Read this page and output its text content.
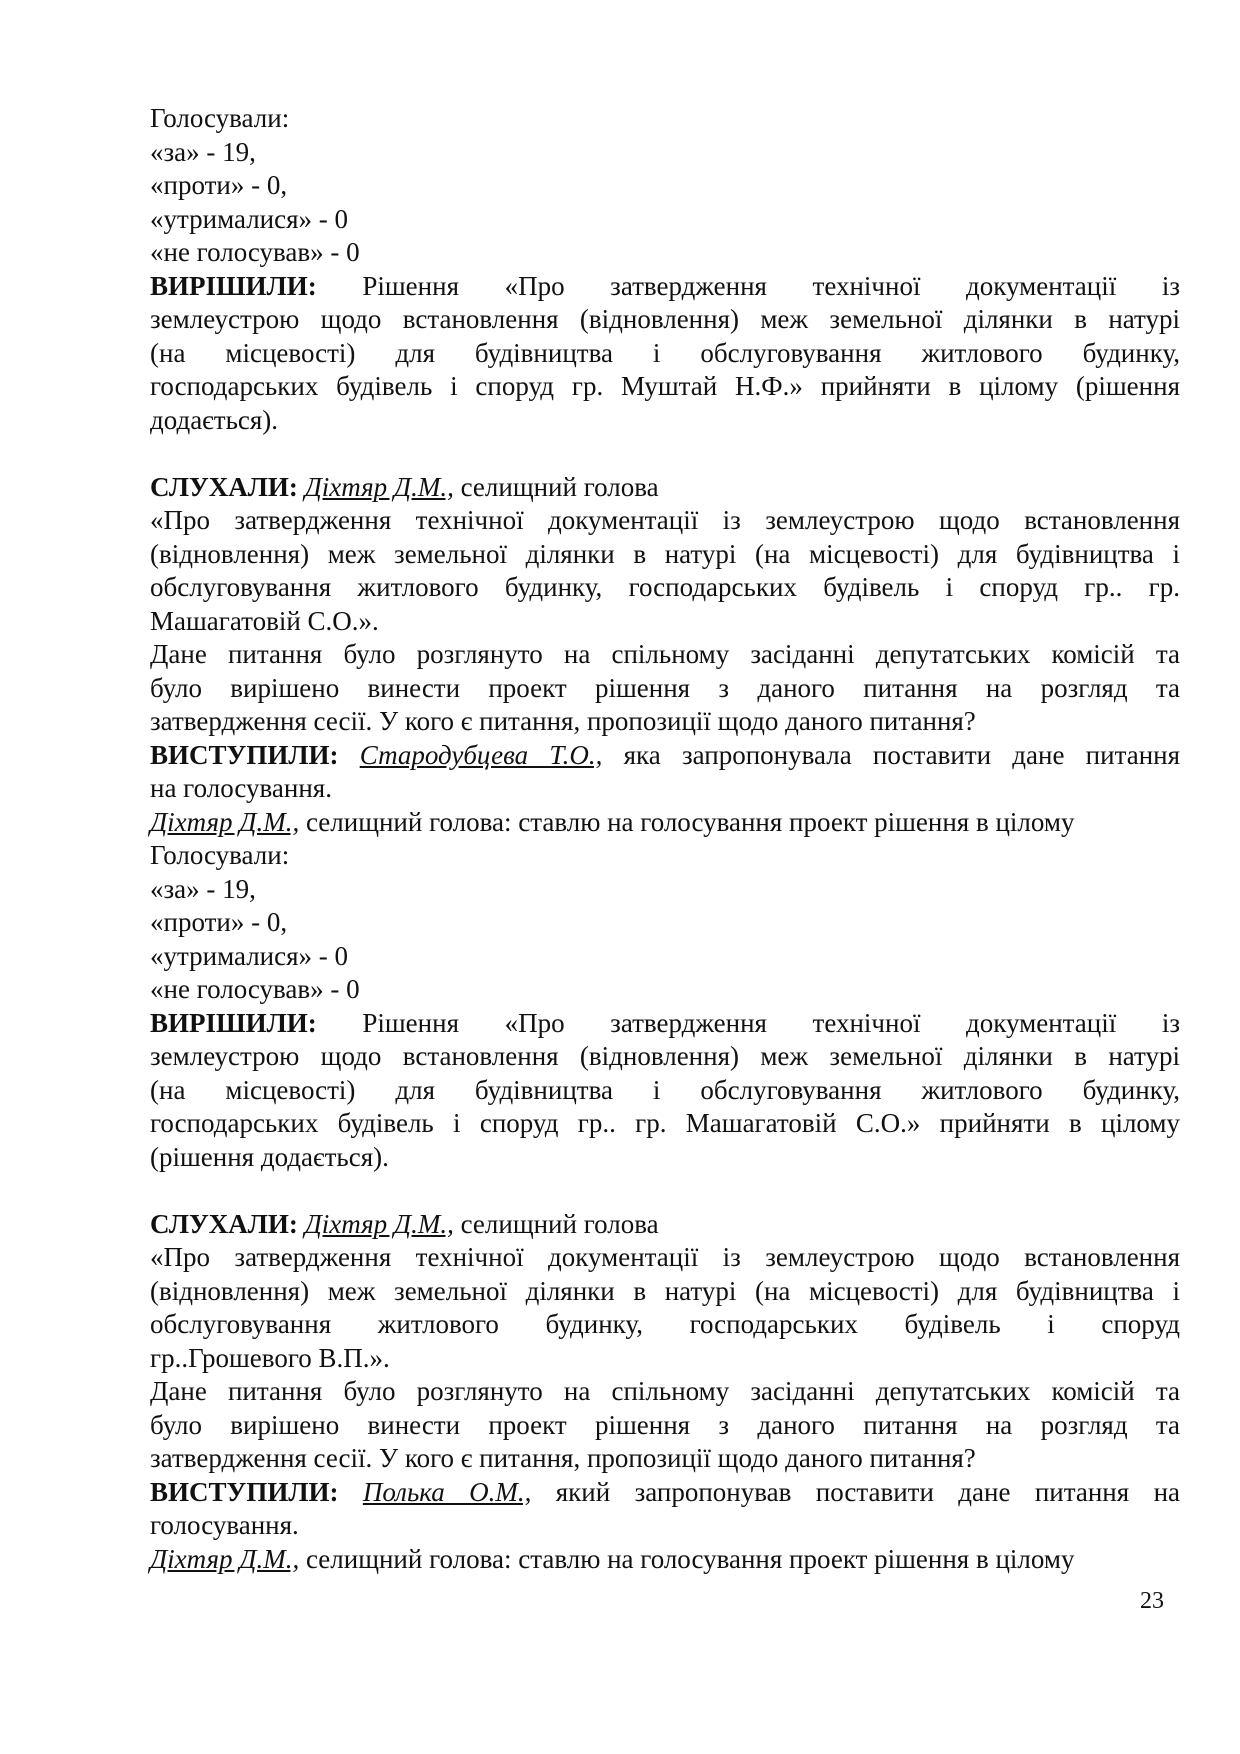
Голосували:
«за» - 19,
«проти» - 0,
«утрималися» - 0
«не голосував» - 0
ВИРІШИЛИ: Рішення «Про затвердження технічної документації із
землеустрою щодо встановлення (відновлення) меж земельної ділянки в натурі
(на місцевості) для будівництва і обслуговування житлового будинку,
господарських будівель і споруд гр. Муштай Н.Ф.» прийняти в цілому (рішення
додається).
СЛУХАЛИ: Діхтяр Д.М., селищний голова
«Про затвердження технічної документації із землеустрою щодо встановлення
(відновлення) меж земельної ділянки в натурі (на місцевості) для будівництва і
обслуговування житлового будинку, господарських будівель і споруд гр.. гр.
Машагатовій С.О.».
Дане питання було розглянуто на спільному засіданні депутатських комісій та
було вирішено винести проект рішення з даного питання на розгляд та
затвердження сесії. У кого є питання, пропозиції щодо даного питання?
ВИСТУПИЛИ: Стародубцева Т.О., яка запропонувала поставити дане питання
на голосування.
Діхтяр Д.М., селищний голова: ставлю на голосування проект рішення в цілому
Голосували:
«за» - 19,
«проти» - 0,
«утрималися» - 0
«не голосував» - 0
ВИРІШИЛИ: Рішення «Про затвердження технічної документації із
землеустрою щодо встановлення (відновлення) меж земельної ділянки в натурі
(на місцевості) для будівництва і обслуговування житлового будинку,
господарських будівель і споруд гр.. гр. Машагатовій С.О.» прийняти в цілому
(рішення додається).
СЛУХАЛИ: Діхтяр Д.М., селищний голова
«Про затвердження технічної документації із землеустрою щодо встановлення
(відновлення) меж земельної ділянки в натурі (на місцевості) для будівництва і
обслуговування житлового будинку, господарських будівель і споруд
гр..Грошевого В.П.».
Дане питання було розглянуто на спільному засіданні депутатських комісій та
було вирішено винести проект рішення з даного питання на розгляд та
затвердження сесії. У кого є питання, пропозиції щодо даного питання?
ВИСТУПИЛИ: Полька О.М., який запропонував поставити дане питання на
голосування.
Діхтяр Д.М., селищний голова: ставлю на голосування проект рішення в цілому
23
